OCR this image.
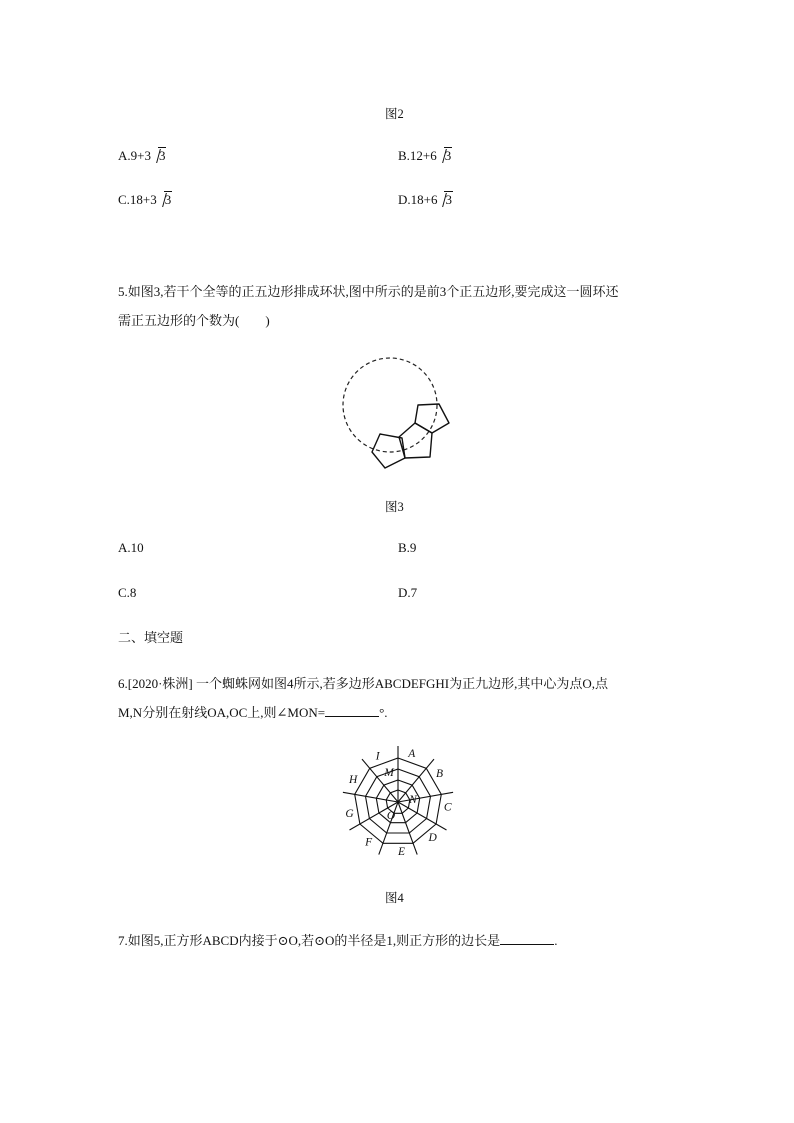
图2
A.9+3 3	B.12+6 3
C.18+3 3	D.18+6 3
5.如图3,若干个全等的正五边形排成环状,图中所示的是前3个正五边形,要完成这一圆环还
需正五边形的个数为(　　)
图3
A.10	B.9
C.8	D.7
二、填空题
6.[2020·株洲] 一个蜘蛛网如图4所示,若多边形ABCDEFGHI为正九边形,其中心为点O,点
M,N分别在射线OA,OC上,则∠MON=	°.
A
B
C
D
E
F
G
H
I
M
N
O
图4
7.如图5,正方形ABCD内接于⊙O,若⊙O的半径是1,则正方形的边长是	.
